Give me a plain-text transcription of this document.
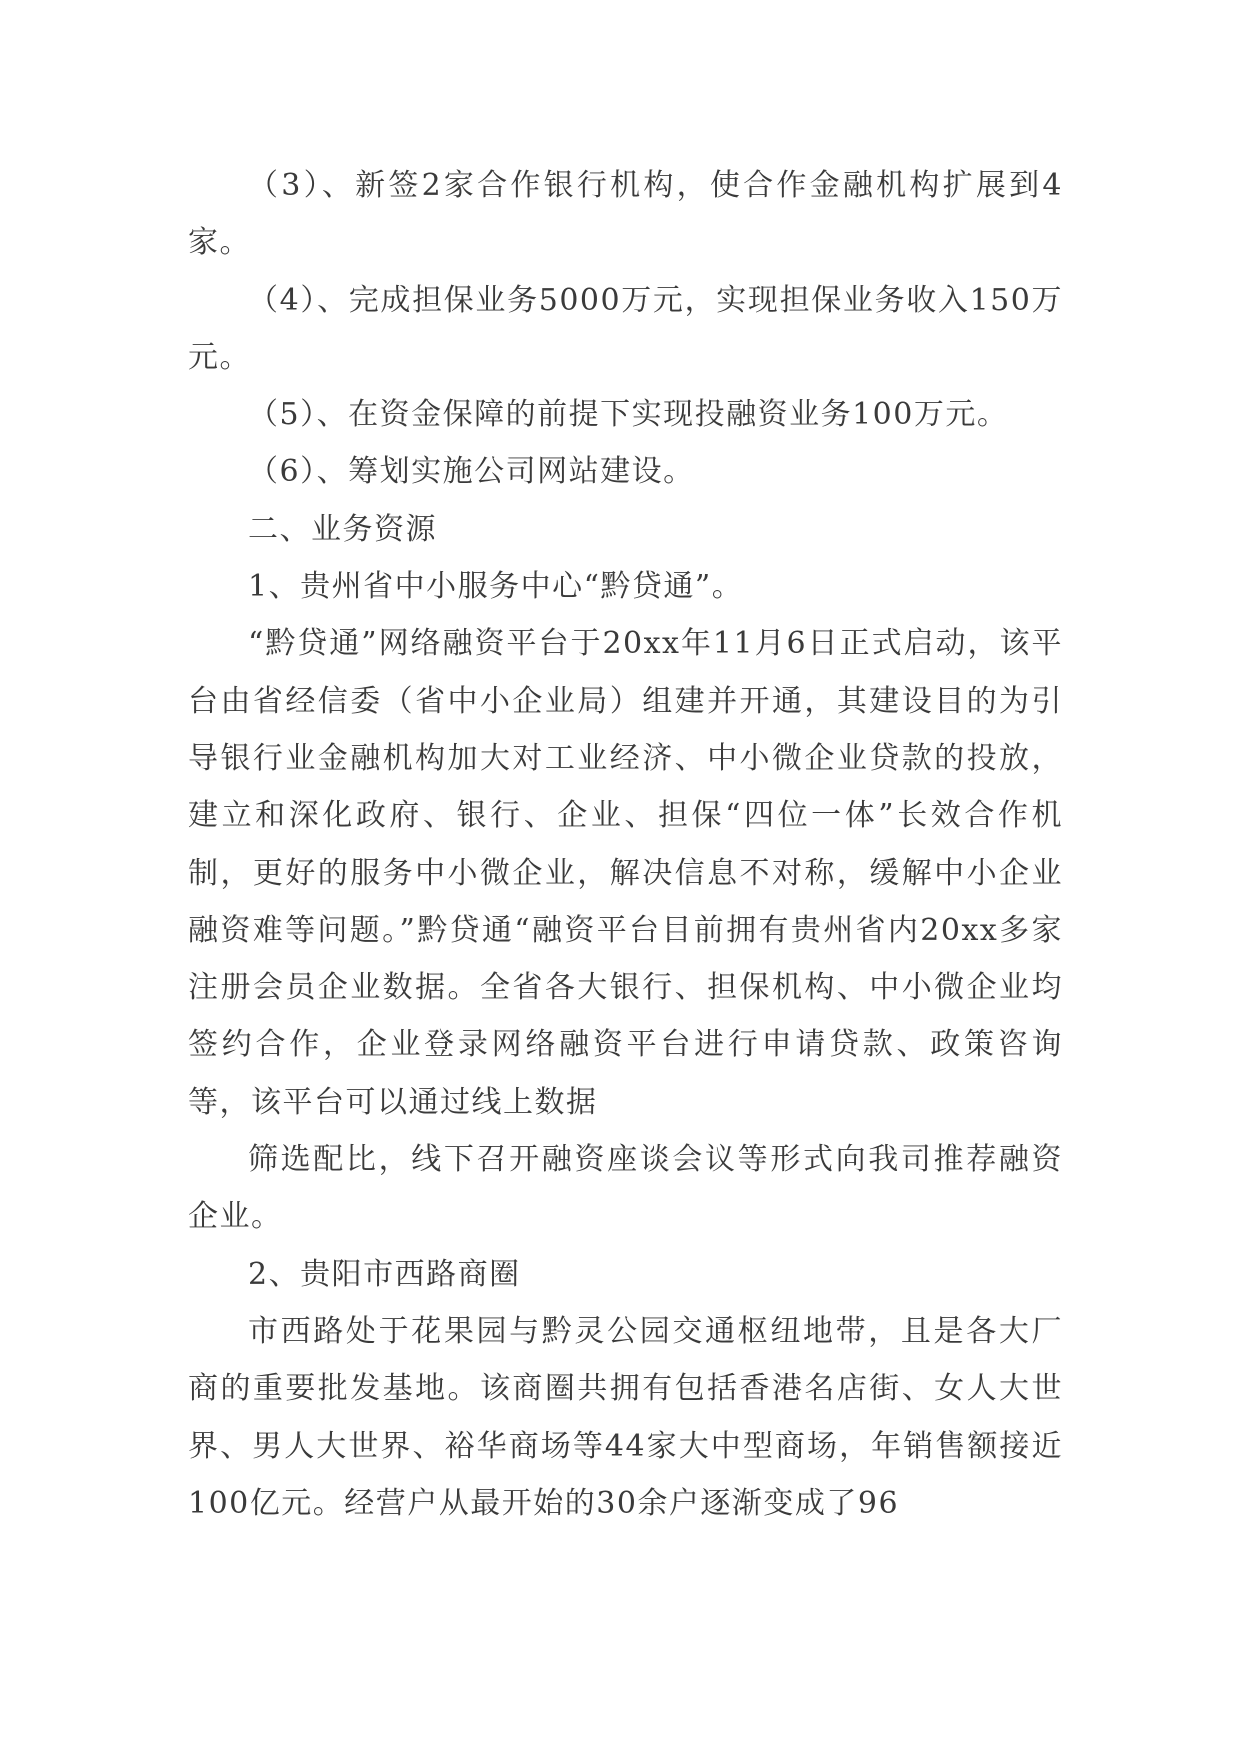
（3）、新签2家合作银行机构，使合作金融机构扩展到4家。

（4）、完成担保业务5000万元，实现担保业务收入150万元。

（5）、在资金保障的前提下实现投融资业务100万元。

（6）、筹划实施公司网站建设。

二、业务资源

1、贵州省中小服务中心“黔贷通”。

“黔贷通”网络融资平台于20xx年11月6日正式启动，该平台由省经信委（省中小企业局）组建并开通，其建设目的为引导银行业金融机构加大对工业经济、中小微企业贷款的投放，建立和深化政府、银行、企业、担保“四位一体”长效合作机制，更好的服务中小微企业，解决信息不对称，缓解中小企业融资难等问题。”黔贷通“融资平台目前拥有贵州省内20xx多家注册会员企业数据。全省各大银行、担保机构、中小微企业均签约合作，企业登录网络融资平台进行申请贷款、政策咨询等，该平台可以通过线上数据

筛选配比，线下召开融资座谈会议等形式向我司推荐融资企业。

2、贵阳市西路商圈

市西路处于花果园与黔灵公园交通枢纽地带，且是各大厂商的重要批发基地。该商圈共拥有包括香港名店街、女人大世界、男人大世界、裕华商场等44家大中型商场，年销售额接近100亿元。经营户从最开始的30余户逐渐变成了96
